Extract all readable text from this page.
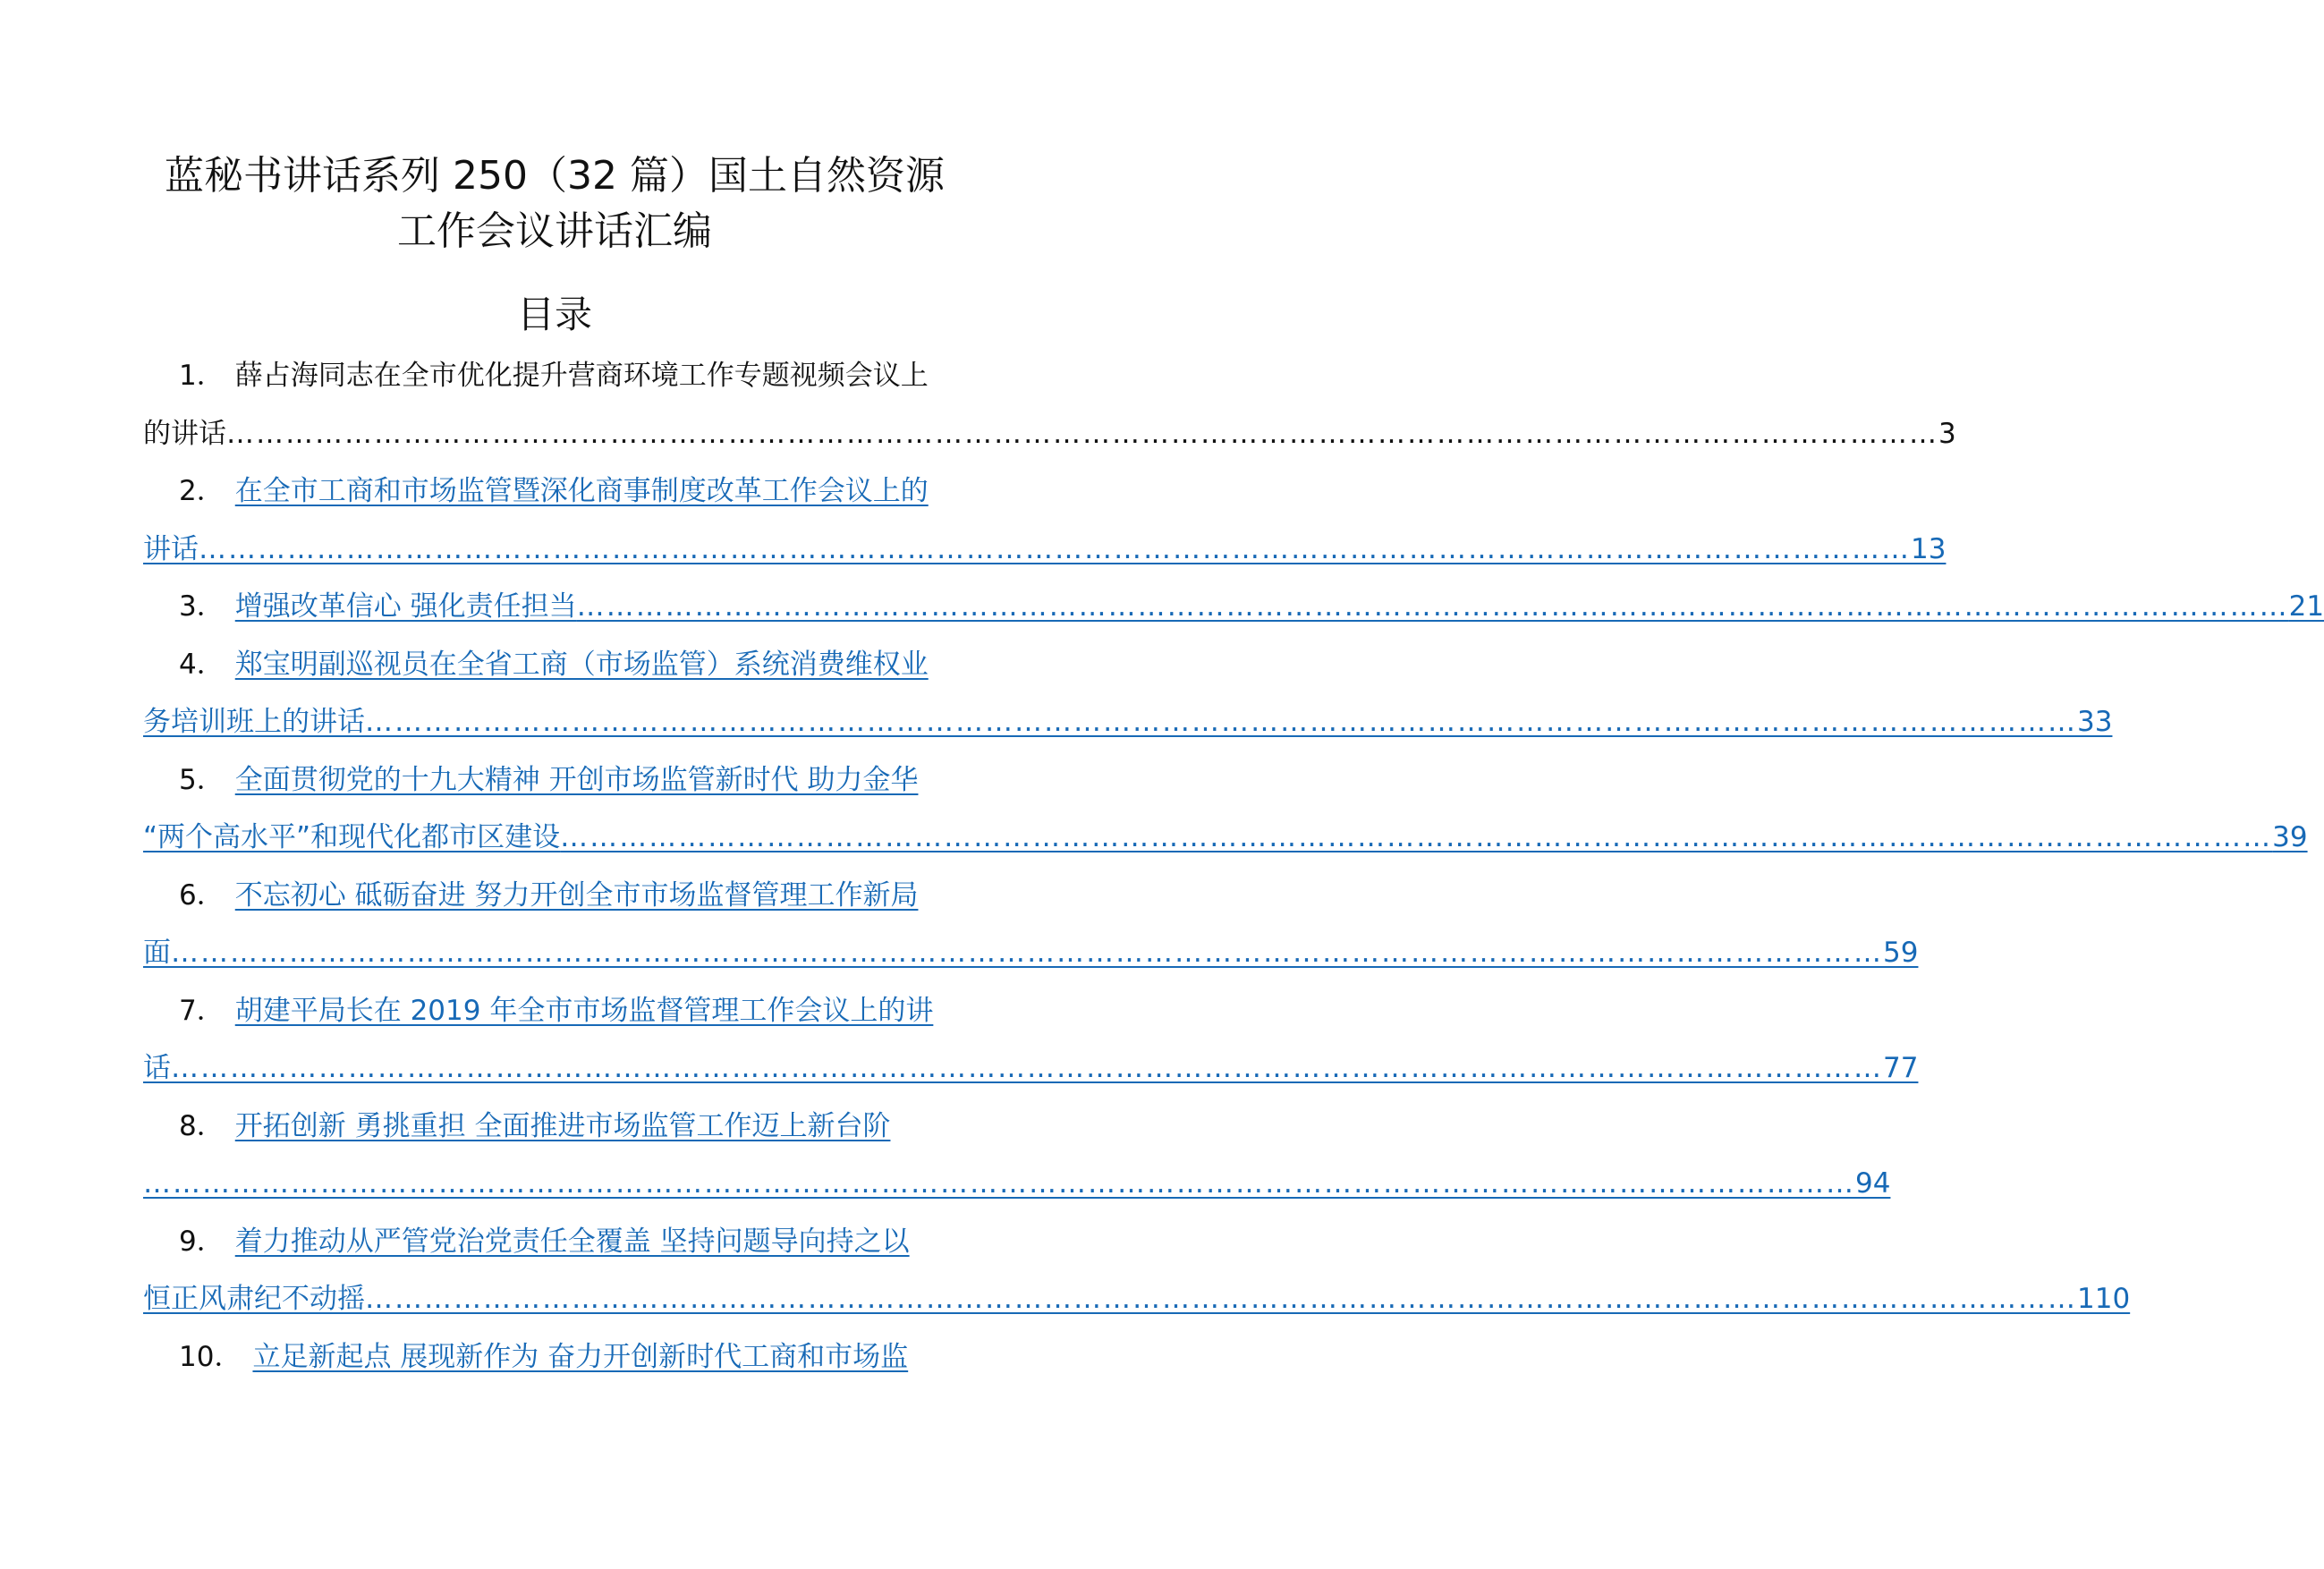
蓝秘书讲话系列 250（32 篇）国土自然资源
工作会议讲话汇编
目录
1． 薛占海同志在全市优化提升营商环境工作专题视频会议上
的讲话 ………………………………………………………………………………………………………………………………………………………… 3
2． 在全市工商和市场监管暨深化商事制度改革工作会议上的
讲话 ………………………………………………………………………………………………………………………………………………………… 13
3． 增强改革信心 强化责任担当 ………………………………………………………………………………………………………………………………………………………… 21
4． 郑宝明副巡视员在全省工商（市场监管）系统消费维权业
务培训班上的讲话 ………………………………………………………………………………………………………………………………………………………… 33
5． 全面贯彻党的十九大精神 开创市场监管新时代 助力金华
“两个高水平”和现代化都市区建设 ………………………………………………………………………………………………………………………………………………………… 39
6． 不忘初心 砥砺奋进 努力开创全市市场监督管理工作新局
面 ………………………………………………………………………………………………………………………………………………………… 59
7． 胡建平局长在 2019 年全市市场监督管理工作会议上的讲
话 ………………………………………………………………………………………………………………………………………………………… 77
8． 开拓创新 勇挑重担 全面推进市场监管工作迈上新台阶
………………………………………………………………………………………………………………………………………………………… 94
9． 着力推动从严管党治党责任全覆盖 坚持问题导向持之以
恒正风肃纪不动摇 ………………………………………………………………………………………………………………………………………………………… 110
10． 立足新起点 展现新作为 奋力开创新时代工商和市场监
